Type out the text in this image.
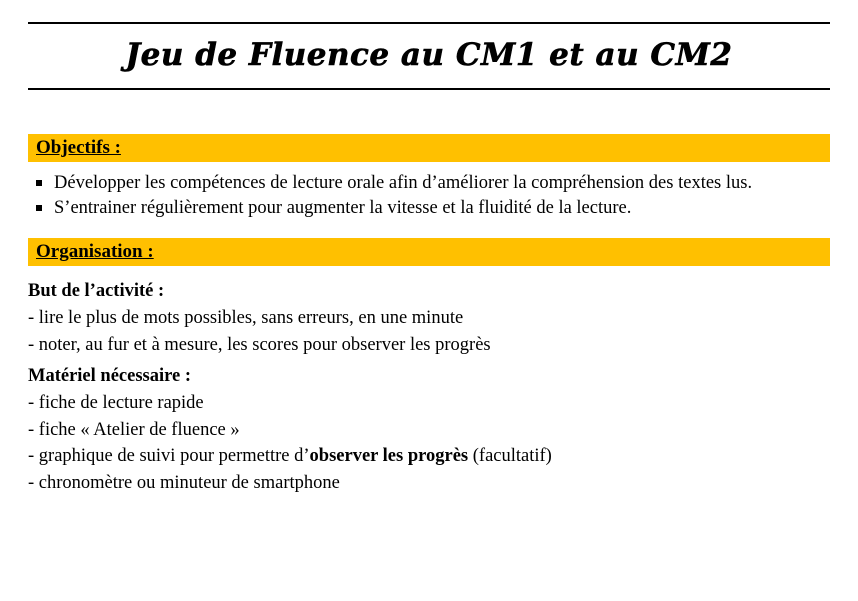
Jeu de Fluence au CM1 et au CM2
Objectifs :
Développer les compétences de lecture orale afin d’améliorer la compréhension des textes lus.
S’entrainer régulièrement pour augmenter la vitesse et la fluidité de la lecture.
Organisation :
But de l’activité :
- lire le plus de mots possibles, sans erreurs, en une minute
- noter, au fur et à mesure, les scores pour observer les progrès
Matériel nécessaire :
- fiche de lecture rapide
- fiche « Atelier de fluence »
- graphique de suivi pour permettre d’observer les progrès (facultatif)
- chronomètre ou minuteur de smartphone
